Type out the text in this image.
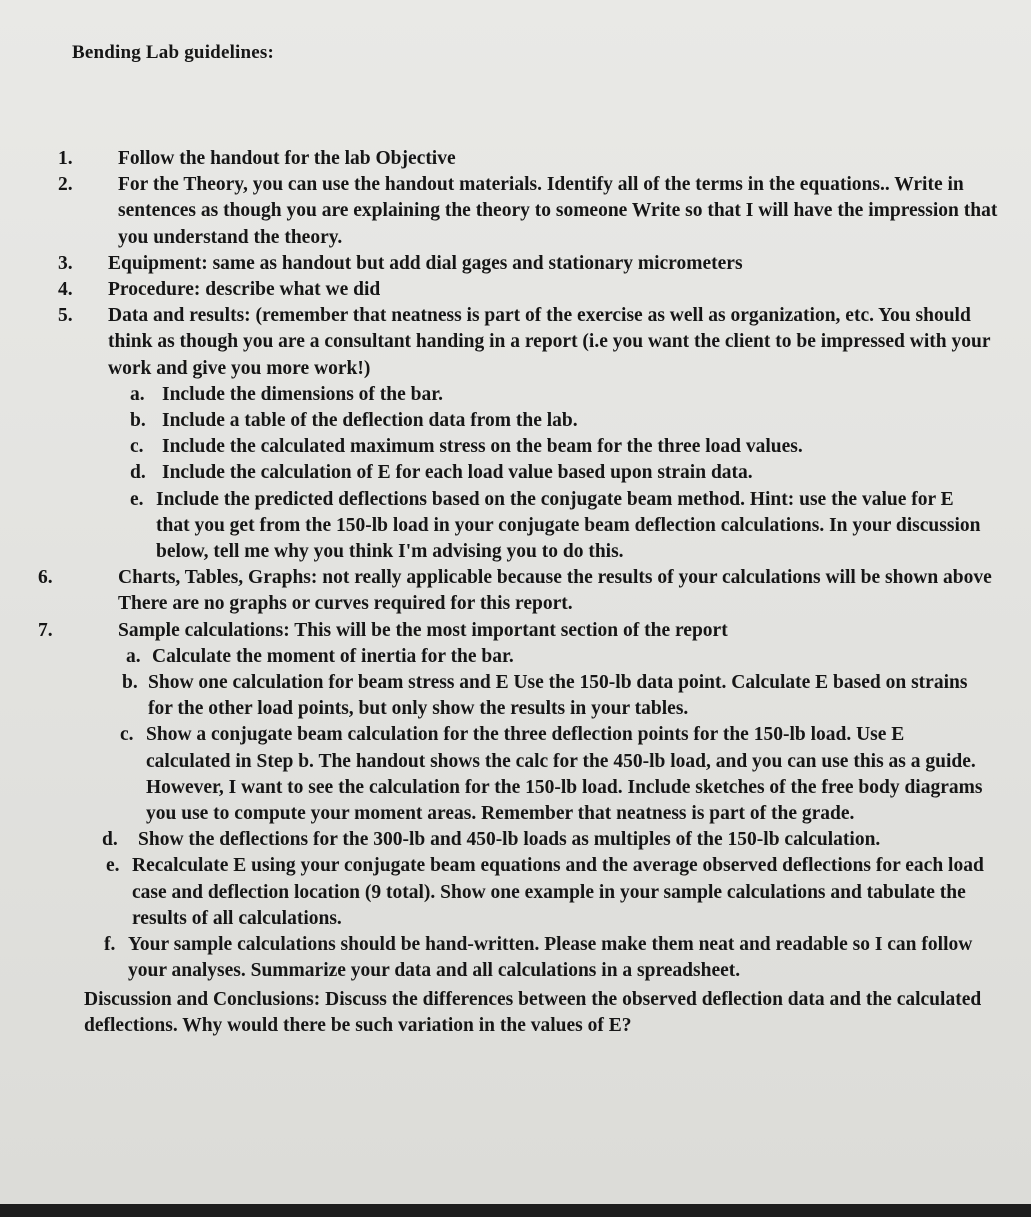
Bending Lab guidelines:
1.	Follow the handout for the lab Objective
2.	For the Theory, you can use the handout materials. Identify all of the terms in the equations.. Write in sentences as though you are explaining the theory to someone Write so that I will have the impression that you understand the theory.
3.	Equipment: same as handout but add dial gages and stationary micrometers
4.	Procedure: describe what we did
5.	Data and results: (remember that neatness is part of the exercise as well as organization, etc. You should think as though you are a consultant handing in a report (i.e you want the client to be impressed with your work and give you more work!)
a. Include the dimensions of the bar.
b. Include a table of the deflection data from the lab.
c. Include the calculated maximum stress on the beam for the three load values.
d. Include the calculation of E for each load value based upon strain data.
e. Include the predicted deflections based on the conjugate beam method. Hint: use the value for E that you get from the 150-lb load in your conjugate beam deflection calculations. In your discussion below, tell me why you think I'm advising you to do this.
6.	Charts, Tables, Graphs: not really applicable because the results of your calculations will be shown above There are no graphs or curves required for this report.
7.	Sample calculations: This will be the most important section of the report
a. Calculate the moment of inertia for the bar.
b. Show one calculation for beam stress and E Use the 150-lb data point. Calculate E based on strains for the other load points, but only show the results in your tables.
c. Show a conjugate beam calculation for the three deflection points for the 150-lb load. Use E calculated in Step b. The handout shows the calc for the 450-lb load, and you can use this as a guide. However, I want to see the calculation for the 150-lb load. Include sketches of the free body diagrams you use to compute your moment areas. Remember that neatness is part of the grade.
d. Show the deflections for the 300-lb and 450-lb loads as multiples of the 150-lb calculation.
e. Recalculate E using your conjugate beam equations and the average observed deflections for each load case and deflection location (9 total). Show one example in your sample calculations and tabulate the results of all calculations.
f. Your sample calculations should be hand-written. Please make them neat and readable so I can follow your analyses. Summarize your data and all calculations in a spreadsheet.
Discussion and Conclusions: Discuss the differences between the observed deflection data and the calculated deflections. Why would there be such variation in the values of E?
